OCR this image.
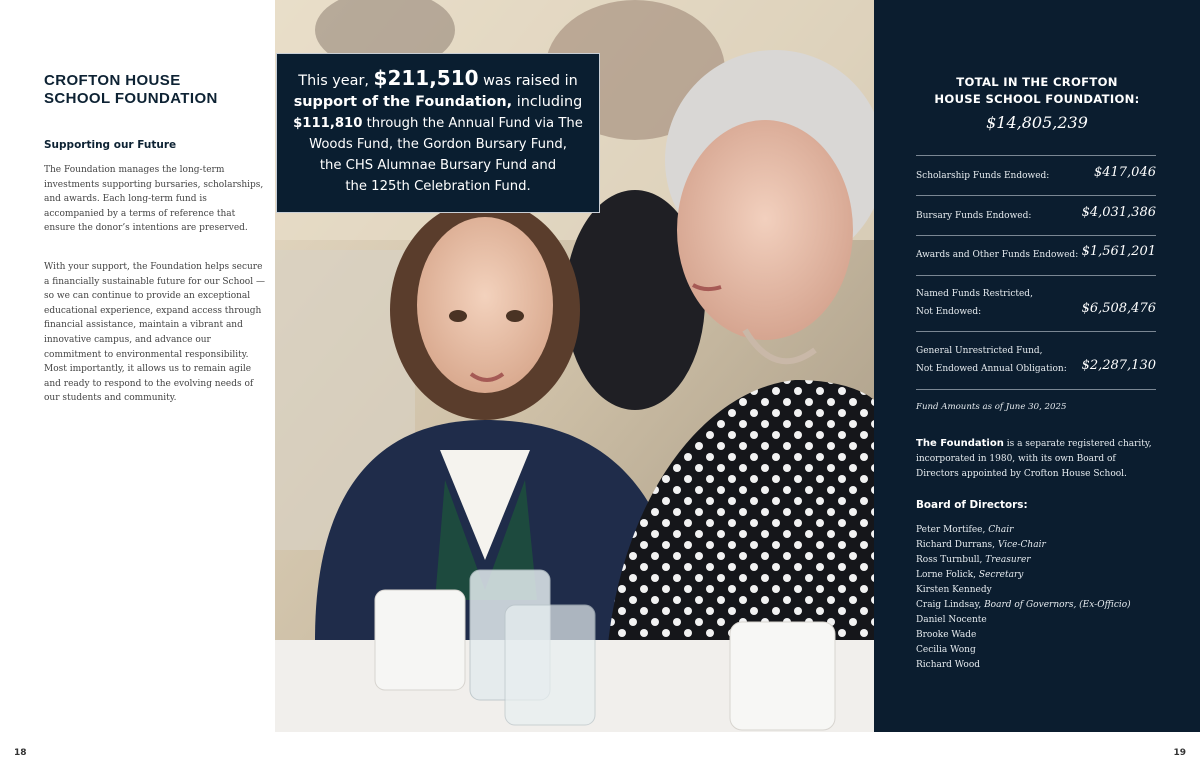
CROFTON HOUSE
SCHOOL FOUNDATION
Supporting our Future

The Foundation manages the long-term investments supporting bursaries, scholarships, and awards. Each long-term fund is accompanied by a terms of reference that ensure the donor’s intentions are preserved.

With your support, the Foundation helps secure a financially sustainable future for our School —so we can continue to provide an exceptional educational experience, expand access through financial assistance, maintain a vibrant and innovative campus, and advance our commitment to environmental responsibility. Most importantly, it allows us to remain agile and ready to respond to the evolving needs of our students and community.

This year, $211,510 was raised in
support of the Foundation, including
$111,810 through the Annual Fund via The
Woods Fund, the Gordon Bursary Fund,
the CHS Alumnae Bursary Fund and
the 125th Celebration Fund.
TOTAL IN THE CROFTON
HOUSE SCHOOL FOUNDATION:
$14,805,239
Scholarship Funds Endowed:	$417,046
Bursary Funds Endowed:	$4,031,386
Awards and Other Funds Endowed: $1,561,201
Named Funds Restricted,
Not Endowed:	$6,508,476
General Unrestricted Fund,
Not Endowed Annual Obligation: $2,287,130
Fund Amounts as of June 30, 2025

The Foundation is a separate registered charity, incorporated in 1980, with its own Board of Directors appointed by Crofton House School.

Board of Directors:
Peter Mortifee, Chair
Richard Durrans, Vice-Chair
Ross Turnbull, Treasurer
Lorne Folick, Secretary
Kirsten Kennedy
Craig Lindsay, Board of Governors, (Ex-Officio)
Daniel Nocente
Brooke Wade
Cecilia Wong
Richard Wood
18	19
